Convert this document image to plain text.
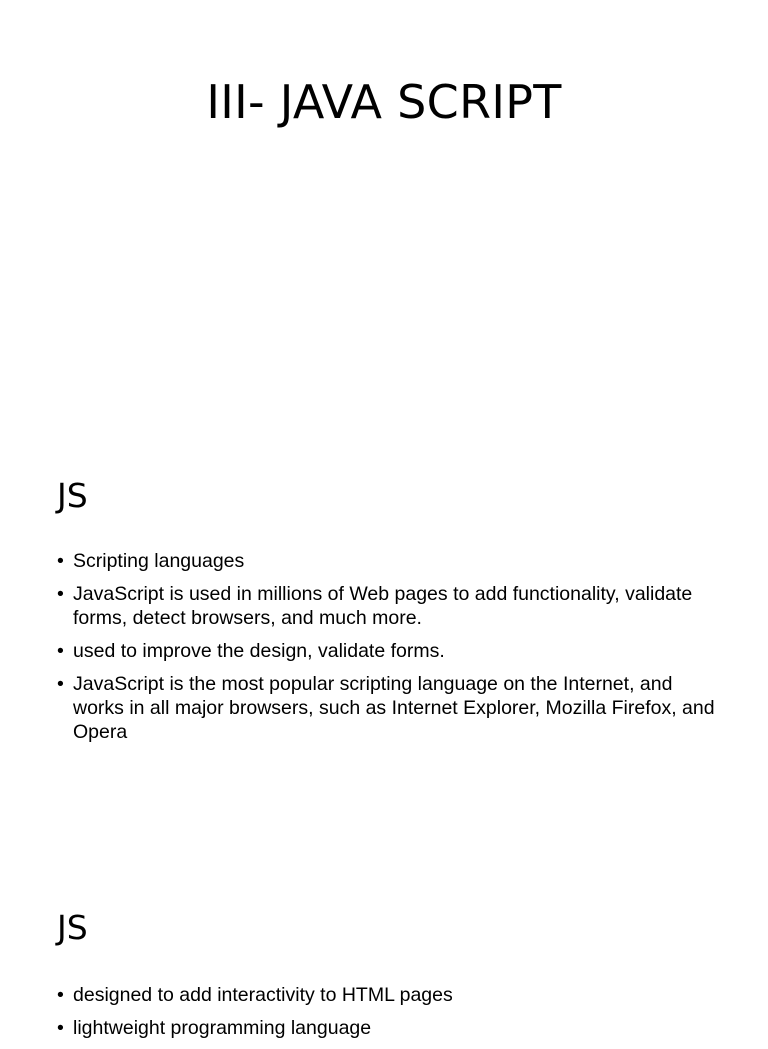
III- JAVA SCRIPT
JS
• Scripting languages
• JavaScript is used in millions of Web pages to add functionality, validate forms, detect browsers, and much more.
• used to improve the design, validate forms.
• JavaScript is the most popular scripting language on the Internet, and works in all major browsers, such as Internet Explorer, Mozilla Firefox, and Opera
JS
• designed to add interactivity to HTML pages
• lightweight programming language
